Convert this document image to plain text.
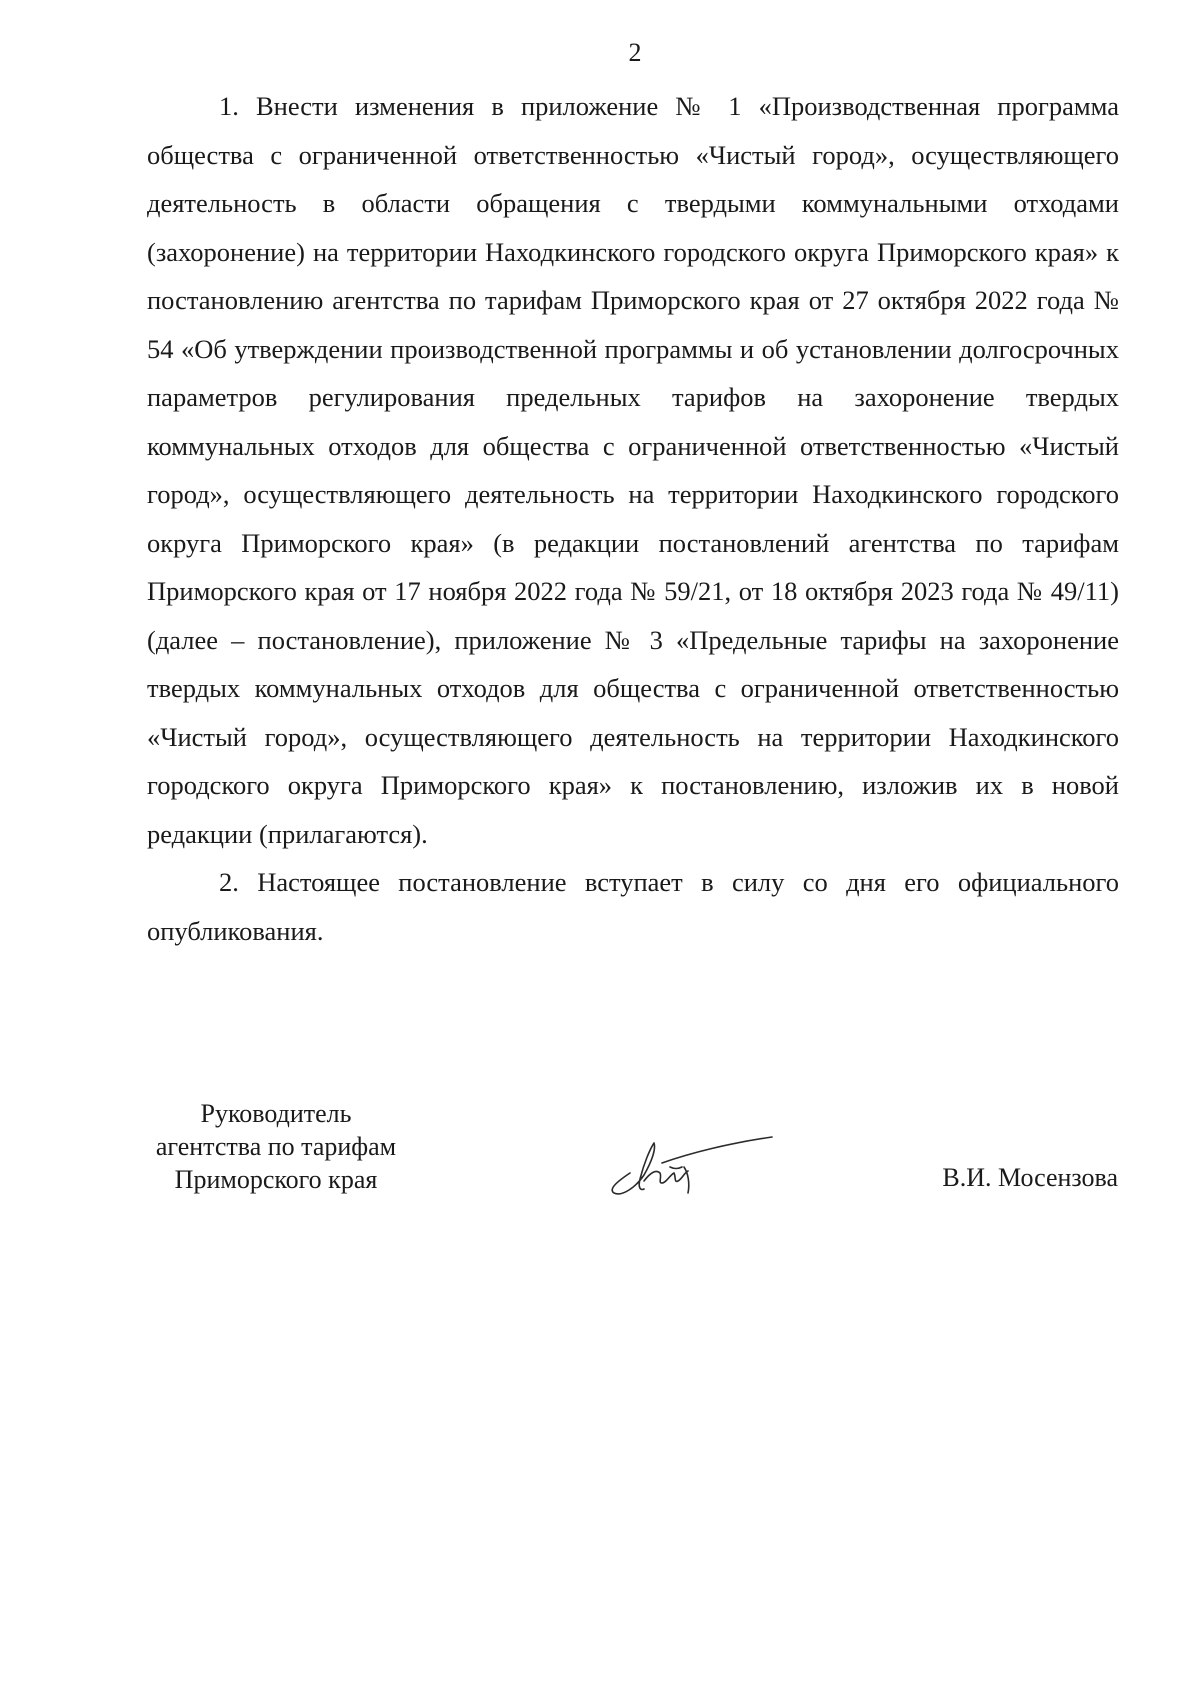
2

1. Внести изменения в приложение № 1 «Производственная программа общества с ограниченной ответственностью «Чистый город», осуществляющего деятельность в области обращения с твердыми коммунальными отходами (захоронение) на территории Находкинского городского округа Приморского края» к постановлению агентства по тарифам Приморского края от 27 октября 2022 года № 54 «Об утверждении производственной программы и об установлении долгосрочных параметров регулирования предельных тарифов на захоронение твердых коммунальных отходов для общества с ограниченной ответственностью «Чистый город», осуществляющего деятельность на территории Находкинского городского округа Приморского края» (в редакции постановлений агентства по тарифам Приморского края от 17 ноября 2022 года № 59/21, от 18 октября 2023 года № 49/11) (далее – постановление), приложение № 3 «Предельные тарифы на захоронение твердых коммунальных отходов для общества с ограниченной ответственностью «Чистый город», осуществляющего деятельность на территории Находкинского городского округа Приморского края» к постановлению, изложив их в новой редакции (прилагаются).

2. Настоящее постановление вступает в силу со дня его официального опубликования.

Руководитель
агентства по тарифам
Приморского края	В.И. Мосензова
